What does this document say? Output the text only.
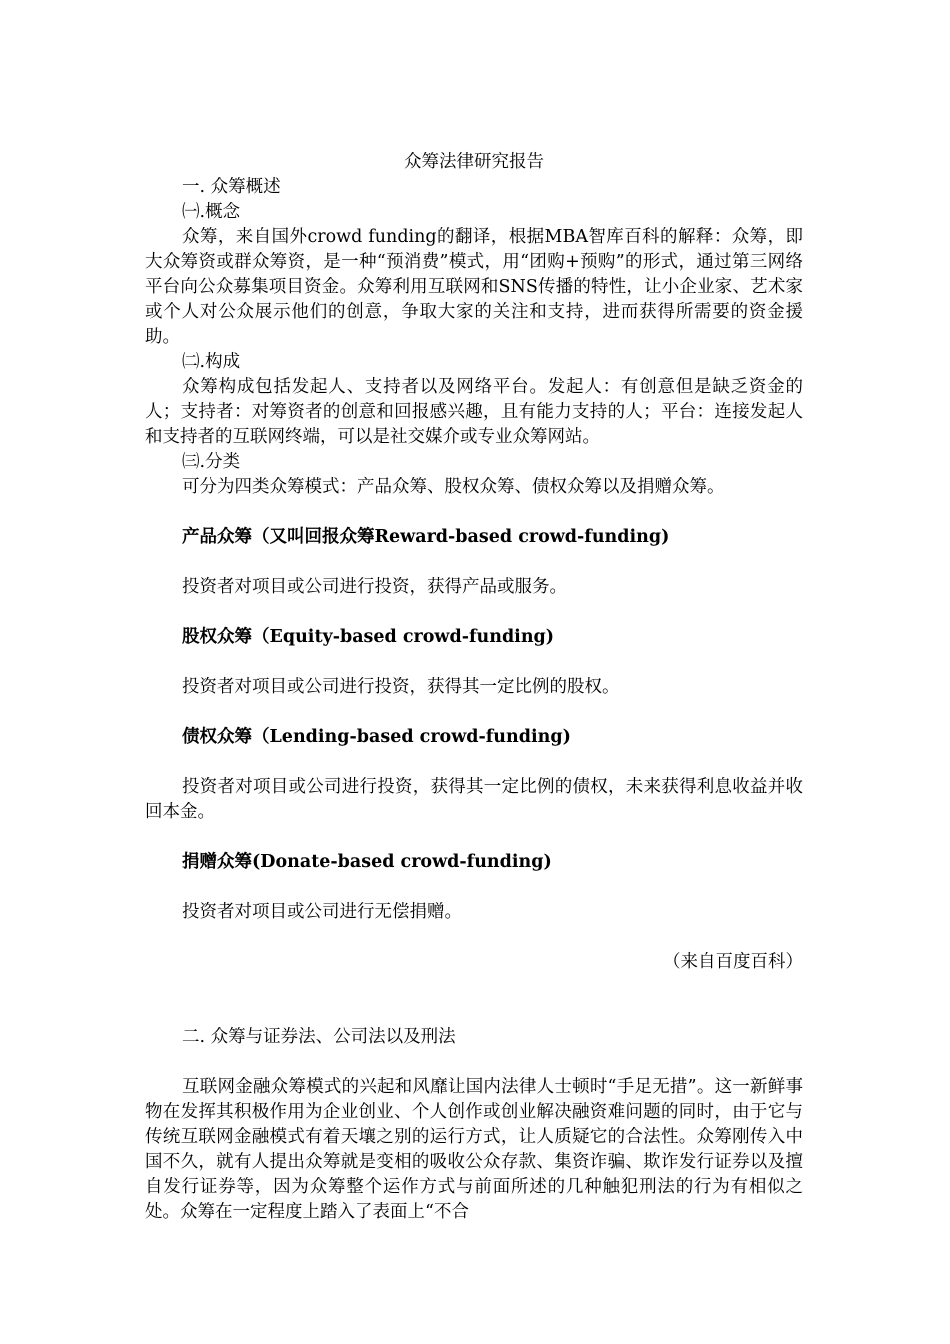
众筹法律研究报告

一. 众筹概述

㈠.概念

众筹，来自国外crowd funding的翻译，根据MBA智库百科的解释：众筹，即大众筹资或群众筹资，是一种“预消费”模式，用“团购+预购”的形式，通过第三网络平台向公众募集项目资金。众筹利用互联网和SNS传播的特性，让小企业家、艺术家或个人对公众展示他们的创意，争取大家的关注和支持，进而获得所需要的资金援助。

㈡.构成

众筹构成包括发起人、支持者以及网络平台。发起人：有创意但是缺乏资金的人；支持者：对筹资者的创意和回报感兴趣，且有能力支持的人；平台：连接发起人和支持者的互联网终端，可以是社交媒介或专业众筹网站。

㈢.分类

可分为四类众筹模式：产品众筹、股权众筹、债权众筹以及捐赠众筹。

产品众筹（又叫回报众筹Reward-based crowd-funding)

投资者对项目或公司进行投资，获得产品或服务。

股权众筹（Equity-based crowd-funding)

投资者对项目或公司进行投资，获得其一定比例的股权。

债权众筹（Lending-based crowd-funding)

投资者对项目或公司进行投资，获得其一定比例的债权，未来获得利息收益并收回本金。

捐赠众筹(Donate-based crowd-funding)

投资者对项目或公司进行无偿捐赠。

（来自百度百科）

二. 众筹与证券法、公司法以及刑法

互联网金融众筹模式的兴起和风靡让国内法律人士顿时“手足无措”。这一新鲜事物在发挥其积极作用为企业创业、个人创作或创业解决融资难问题的同时，由于它与传统互联网金融模式有着天壤之别的运行方式，让人质疑它的合法性。众筹刚传入中国不久，就有人提出众筹就是变相的吸收公众存款、集资诈骗、欺诈发行证券以及擅自发行证券等，因为众筹整个运作方式与前面所述的几种触犯刑法的行为有相似之处。众筹在一定程度上踏入了表面上“不合
